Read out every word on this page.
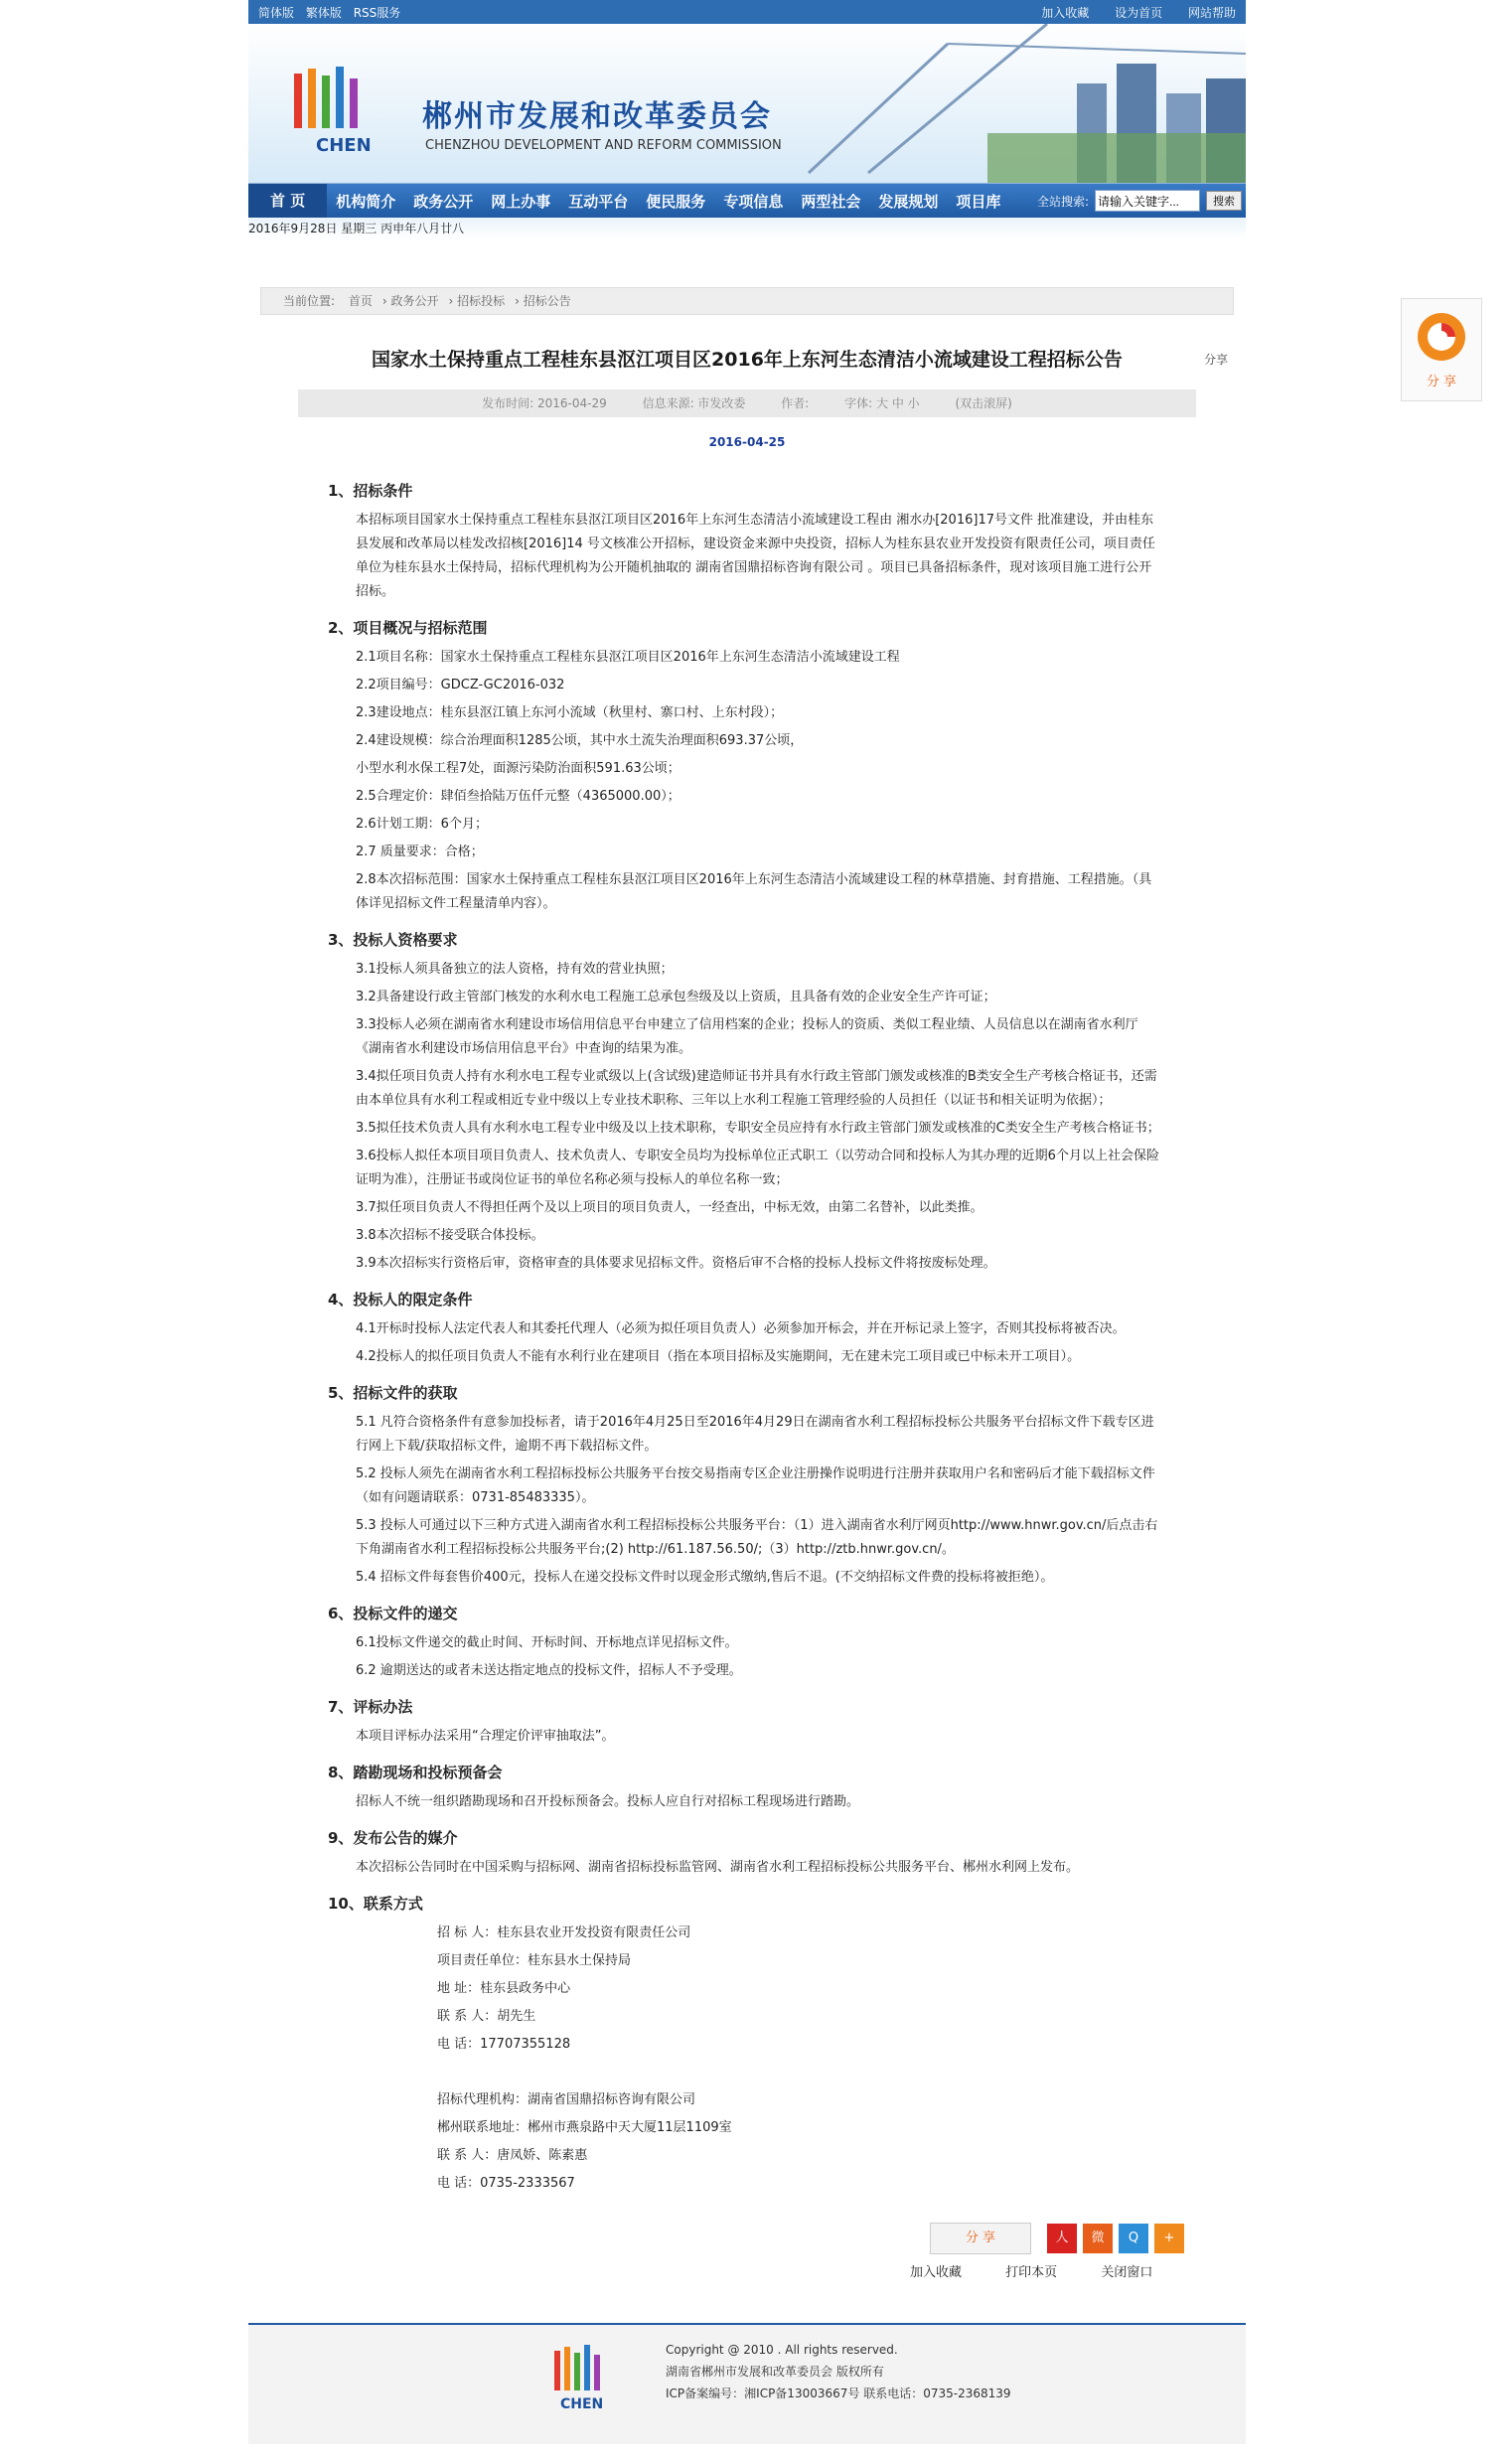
分 享
简体版 繁体版 RSS服务	加入收藏 设为首页 网站帮助
CHEN
郴州市发展和改革委员会
CHENZHOU DEVELOPMENT AND REFORM COMMISSION
首 页	机构简介	政务公开	网上办事	互动平台	便民服务	专项信息	两型社会	发展规划	项目库	全站搜索:
请输入关键字...	搜索
2016年9月28日 星期三 丙申年八月廿八
当前位置: 首页 › 政务公开 › 招标投标 › 招标公告
国家水土保持重点工程桂东县沤江项目区2016年上东河生态清洁小流域建设工程招标公告	分享
发布时间: 2016-04-29	信息来源: 市发改委	作者:	字体: 大 中 小	(双击滚屏)
2016-04-25
1、招标条件

本招标项目国家水土保持重点工程桂东县沤江项目区2016年上东河生态清洁小流域建设工程由 湘水办[2016]17号文件 批准建设，并由桂东县发展和改革局以桂发改招核[2016]14 号文核准公开招标，建设资金来源中央投资，招标人为桂东县农业开发投资有限责任公司，项目责任单位为桂东县水土保持局，招标代理机构为公开随机抽取的 湖南省国鼎招标咨询有限公司 。项目已具备招标条件，现对该项目施工进行公开招标。

2、项目概况与招标范围

2.1项目名称：国家水土保持重点工程桂东县沤江项目区2016年上东河生态清洁小流域建设工程

2.2项目编号：GDCZ-GC2016-032

2.3建设地点：桂东县沤江镇上东河小流域（秋里村、寨口村、上东村段）；

2.4建设规模：综合治理面积1285公顷，其中水土流失治理面积693.37公顷，

小型水利水保工程7处，面源污染防治面积591.63公顷；

2.5合理定价：肆佰叁拾陆万伍仟元整（4365000.00）；

2.6计划工期：6个月；

2.7 质量要求：合格；

2.8本次招标范围：国家水土保持重点工程桂东县沤江项目区2016年上东河生态清洁小流域建设工程的林草措施、封育措施、工程措施。（具体详见招标文件工程量清单内容）。

3、投标人资格要求

3.1投标人须具备独立的法人资格，持有效的营业执照；

3.2具备建设行政主管部门核发的水利水电工程施工总承包叁级及以上资质，且具备有效的企业安全生产许可证；

3.3投标人必须在湖南省水利建设市场信用信息平台申建立了信用档案的企业；投标人的资质、类似工程业绩、人员信息以在湖南省水利厅《湖南省水利建设市场信用信息平台》中查询的结果为准。

3.4拟任项目负责人持有水利水电工程专业贰级以上(含试级)建造师证书并具有水行政主管部门颁发或核准的B类安全生产考核合格证书，还需由本单位具有水利工程或相近专业中级以上专业技术职称、三年以上水利工程施工管理经验的人员担任（以证书和相关证明为依据）；

3.5拟任技术负责人具有水利水电工程专业中级及以上技术职称，专职安全员应持有水行政主管部门颁发或核准的C类安全生产考核合格证书；

3.6投标人拟任本项目项目负责人、技术负责人、专职安全员均为投标单位正式职工（以劳动合同和投标人为其办理的近期6个月以上社会保险证明为准），注册证书或岗位证书的单位名称必须与投标人的单位名称一致；

3.7拟任项目负责人不得担任两个及以上项目的项目负责人，一经查出，中标无效，由第二名替补，以此类推。

3.8本次招标不接受联合体投标。

3.9本次招标实行资格后审，资格审查的具体要求见招标文件。资格后审不合格的投标人投标文件将按废标处理。

4、投标人的限定条件

4.1开标时投标人法定代表人和其委托代理人（必须为拟任项目负责人）必须参加开标会，并在开标记录上签字，否则其投标将被否决。

4.2投标人的拟任项目负责人不能有水利行业在建项目（指在本项目招标及实施期间，无在建未完工项目或已中标未开工项目）。

5、招标文件的获取

5.1 凡符合资格条件有意参加投标者，请于2016年4月25日至2016年4月29日在湖南省水利工程招标投标公共服务平台招标文件下载专区进行网上下载/获取招标文件，逾期不再下载招标文件。

5.2 投标人须先在湖南省水利工程招标投标公共服务平台按交易指南专区企业注册操作说明进行注册并获取用户名和密码后才能下载招标文件（如有问题请联系：0731-85483335）。

5.3 投标人可通过以下三种方式进入湖南省水利工程招标投标公共服务平台：（1）进入湖南省水利厅网页http://www.hnwr.gov.cn/后点击右下角湖南省水利工程招标投标公共服务平台;(2) http://61.187.56.50/;（3）http://ztb.hnwr.gov.cn/。

5.4 招标文件每套售价400元，投标人在递交投标文件时以现金形式缴纳,售后不退。(不交纳招标文件费的投标将被拒绝）。

6、投标文件的递交

6.1投标文件递交的截止时间、开标时间、开标地点详见招标文件。

6.2 逾期送达的或者未送达指定地点的投标文件，招标人不予受理。

7、评标办法

本项目评标办法采用“合理定价评审抽取法”。

8、踏勘现场和投标预备会

招标人不统一组织踏勘现场和召开投标预备会。投标人应自行对招标工程现场进行踏勘。

9、发布公告的媒介

本次招标公告同时在中国采购与招标网、湖南省招标投标监管网、湖南省水利工程招标投标公共服务平台、郴州水利网上发布。

10、联系方式

招 标 人：桂东县农业开发投资有限责任公司

项目责任单位：桂东县水土保持局

地 址：桂东县政务中心

联 系 人：胡先生

电 话：17707355128

招标代理机构：湖南省国鼎招标咨询有限公司

郴州联系地址：郴州市燕泉路中天大厦11层1109室

联 系 人：唐凤娇、陈素惠

电 话：0735-2333567

分 享	人	微	Q	+
加入收藏	打印本页	关闭窗口
CHEN
Copyright @ 2010 . All rights reserved.
湖南省郴州市发展和改革委员会 版权所有
ICP备案编号：湘ICP备13003667号 联系电话：0735-2368139
